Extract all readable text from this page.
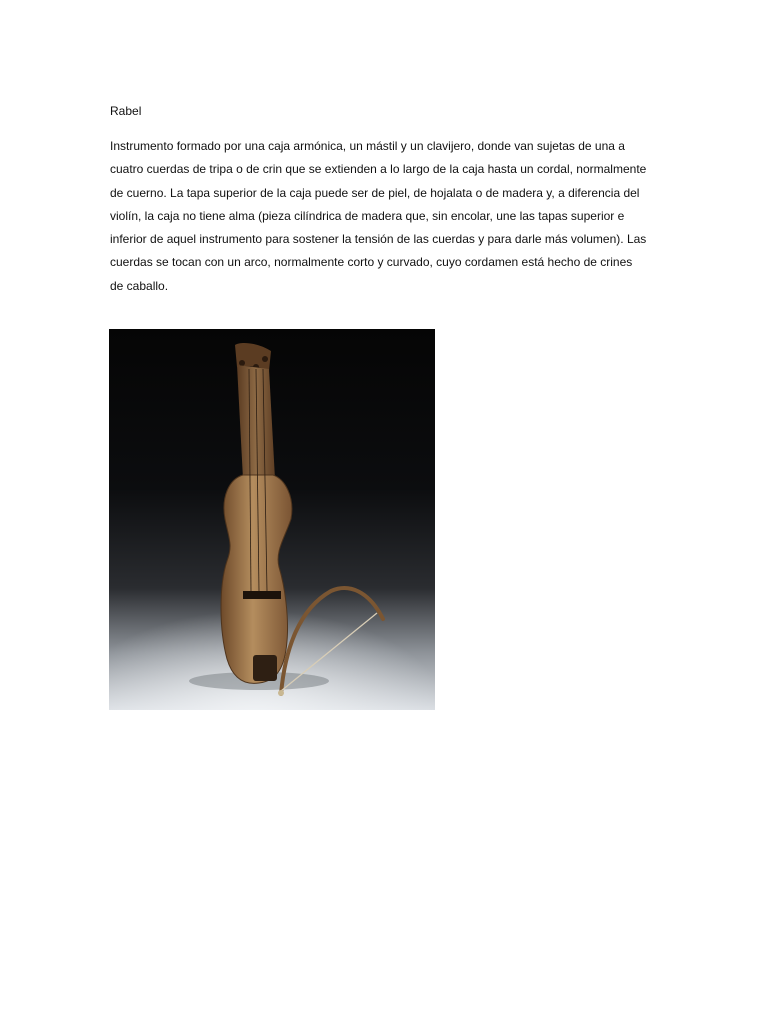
Rabel

Instrumento formado por una caja armónica, un mástil y un clavijero, donde van sujetas de una a
cuatro cuerdas de tripa o de crin que se extienden a lo largo de la caja hasta un cordal, normalmente
de cuerno. La tapa superior de la caja puede ser de piel, de hojalata o de madera y, a diferencia del
violín, la caja no tiene alma (pieza cilíndrica de madera que, sin encolar, une las tapas superior e
inferior de aquel instrumento para sostener la tensión de las cuerdas y para darle más volumen). Las
cuerdas se tocan con un arco, normalmente corto y curvado, cuyo cordamen está hecho de crines
de caballo.
